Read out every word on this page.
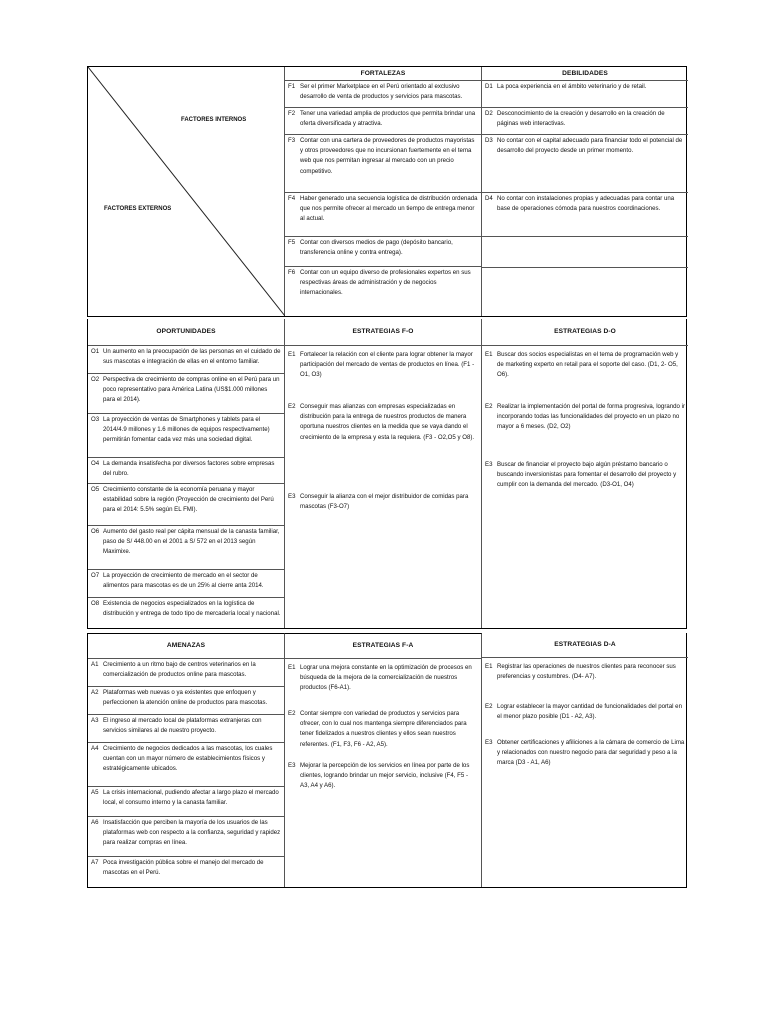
FACTORES INTERNOS
FACTORES EXTERNOS
FORTALEZAS
F1 Ser el primer Marketplace en el Perú orientado al exclusivo desarrollo de venta de productos y servicios para mascotas.
F2 Tener una variedad amplia de productos que permita brindar una oferta diversificada y atractiva.
F3 Contar con una cartera de proveedores de productos mayoristas y otros proveedores que no incursionan fuertemente en el tema web que nos permitan ingresar al mercado con un precio competitivo.
F4 Haber generado una secuencia logística de distribución ordenada que nos permite ofrecer al mercado un tiempo de entrega menor al actual.
F5 Contar con diversos medios de pago (depósito bancario, transferencia online y contra entrega).
F6 Contar con un equipo diverso de profesionales expertos en sus respectivas áreas de administración y de negocios internacionales.
DEBILIDADES
D1 La poca experiencia en el ámbito veterinario y de retail.
D2 Desconocimiento de la creación y desarrollo en la creación de páginas web interactivas.
D3 No contar con el capital adecuado para financiar todo el potencial de desarrollo del proyecto desde un primer momento.
D4 No contar con instalaciones propias y adecuadas para contar una base de operaciones cómoda para nuestros coordinaciones.
OPORTUNIDADES
O1 Un aumento en la preocupación de las personas en el cuidado de sus mascotas e integración de ellas en el entorno familiar.
O2 Perspectiva de crecimiento de compras online en el Perú para un poco representativo para América Latina (US$1.000 millones para el 2014).
O3 La proyección de ventas de Smartphones y tablets para el 2014/4.9 millones y 1.6 millones de equipos respectivamente) permitirán fomentar cada vez más una sociedad digital.
O4 La demanda insatisfecha por diversos factores sobre empresas del rubro.
O5 Crecimiento constante de la economía peruana y mayor estabilidad sobre la región (Proyección de crecimiento del Perú para el 2014: 5.5% según EL FMI).
O6 Aumento del gasto real per cápita mensual de la canasta familiar, paso de S/ 448.00 en el 2001 a S/ 572 en el 2013 según Maximixe.
O7 La proyección de crecimiento de mercado en el sector de alimentos para mascotas es de un 25% al cierre anta 2014.
O8 Existencia de negocios especializados en la logística de distribución y entrega de todo tipo de mercadería local y nacional.
ESTRATEGIAS F-O
E1 Fortalecer la relación con el cliente para lograr obtener la mayor participación del mercado de ventas de productos en línea. (F1 - O1, O3)
E2 Conseguir mas alianzas con empresas especializadas en distribución para la entrega de nuestros productos de manera oportuna nuestros clientes en la medida que se vaya dando el crecimiento de la empresa y esta la requiera. (F3 - O2,O5 y O8).
E3 Conseguir la alianza con el mejor distribuidor de comidas para mascotas (F3-O7)
ESTRATEGIAS D-O
E1 Buscar dos socios especialistas en el tema de programación web y de marketing experto en retail para el soporte del caso. (D1, 2- O5, O6).
E2 Realizar la implementación del portal de forma progresiva, logrando ir incorporando todas las funcionalidades del proyecto en un plazo no mayor a 6 meses. (D2, O2)
E3 Buscar de financiar el proyecto bajo algún préstamo bancario o buscando inversionistas para fomentar el desarrollo del proyecto y cumplir con la demanda del mercado. (D3-O1, O4)
AMENAZAS
A1 Crecimiento a un ritmo bajo de centros veterinarios en la comercialización de productos online para mascotas.
A2 Plataformas web nuevas o ya existentes que enfoquen y perfeccionen la atención online de productos para mascotas.
A3 El ingreso al mercado local de plataformas extranjeras con servicios similares al de nuestro proyecto.
A4 Crecimiento de negocios dedicados a las mascotas, los cuales cuentan con un mayor número de establecimientos físicos y estratégicamente ubicados.
A5 La crisis internacional, pudiendo afectar a largo plazo el mercado local, el consumo interno y la canasta familiar.
A6 Insatisfacción que perciben la mayoría de los usuarios de las plataformas web con respecto a la confianza, seguridad y rapidez para realizar compras en línea.
A7 Poca investigación pública sobre el manejo del mercado de mascotas en el Perú.
ESTRATEGIAS F-A
E1 Lograr una mejora constante en la optimización de procesos en búsqueda de la mejora de la comercialización de nuestros productos (F6-A1).
E2 Contar siempre con variedad de productos y servicios para ofrecer, con lo cual nos mantenga siempre diferenciados para tener fidelizados a nuestros clientes y ellos sean nuestros referentes. (F1, F3, F6 - A2, A5).
E3 Mejorar la percepción de los servicios en línea por parte de los clientes, logrando brindar un mejor servicio, inclusive (F4, F5 - A3, A4 y A6).
ESTRATEGIAS D-A
E1 Registrar las operaciones de nuestros clientes para reconocer sus preferencias y costumbres. (D4- A7).
E2 Lograr establecer la mayor cantidad de funcionalidades del portal en el menor plazo posible (D1 - A2, A3).
E3 Obtener certificaciones y afiliciones a la cámara de comercio de Lima y relacionados con nuestro negocio para dar seguridad y peso a la marca (D3 - A1, A6)
